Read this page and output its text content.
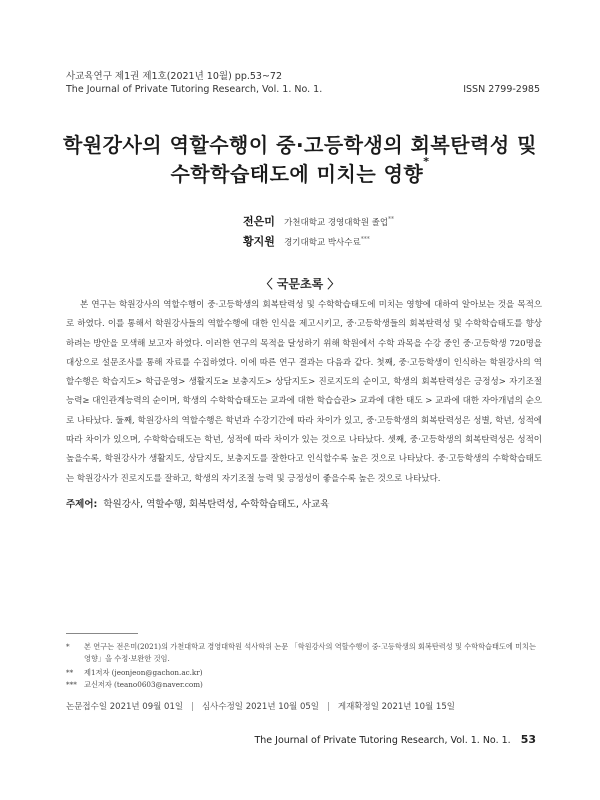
사교육연구 제1권 제1호(2021년 10월) pp.53~72
The Journal of Private Tutoring Research, Vol. 1. No. 1.	ISSN 2799-2985
학원강사의 역할수행이 중·고등학생의 회복탄력성 및
수학학습태도에 미치는 영향*
전은미 가천대학교 경영대학원 졸업**
황지원 경기대학교 박사수료***
〈 국문초록 〉

본 연구는 학원강사의 역할수행이 중·고등학생의 회복탄력성 및 수학학습태도에 미치는 영향에 대하여 알아보는 것을 목적으로 하였다. 이를 통해서 학원강사들의 역할수행에 대한 인식을 제고시키고, 중·고등학생들의 회복탄력성 및 수학학습태도를 향상하려는 방안을 모색해 보고자 하였다. 이러한 연구의 목적을 달성하기 위해 학원에서 수학 과목을 수강 중인 중·고등학생 720명을 대상으로 설문조사를 통해 자료를 수집하였다. 이에 따른 연구 결과는 다음과 같다. 첫째, 중·고등학생이 인식하는 학원강사의 역할수행은 학습지도> 학급운영> 생활지도≥ 보충지도> 상담지도> 진로지도의 순이고, 학생의 회복탄력성은 긍정성> 자기조절능력≥ 대인관계능력의 순이며, 학생의 수학학습태도는 교과에 대한 학습습관> 교과에 대한 태도 > 교과에 대한 자아개념의 순으로 나타났다. 둘째, 학원강사의 역할수행은 학년과 수강기간에 따라 차이가 있고, 중·고등학생의 회복탄력성은 성별, 학년, 성적에 따라 차이가 있으며, 수학학습태도는 학년, 성적에 따라 차이가 있는 것으로 나타났다. 셋째, 중·고등학생의 회복탄력성은 성적이 높을수록, 학원강사가 생활지도, 상담지도, 보충지도를 잘한다고 인식할수록 높은 것으로 나타났다. 중·고등학생의 수학학습태도는 학원강사가 진로지도를 잘하고, 학생의 자기조절 능력 및 긍정성이 좋을수록 높은 것으로 나타났다.

주제어: 학원강사, 역할수행, 회복탄력성, 수학학습태도, 사교육
*	본 연구는 전은미(2021)의 가천대학교 경영대학원 석사학위 논문 「학원강사의 역할수행이 중·고등학생의 회복탄력성 및 수학학습태도에 미치는 영향」을 수정·보완한 것임.
** 제1저자 (jeonjeon@gachon.ac.kr)
*** 교신저자 (teano0603@naver.com)
논문접수일 2021년 09월 01일 | 심사수정일 2021년 10월 05일 | 게재확정일 2021년 10월 15일
The Journal of Private Tutoring Research, Vol. 1. No. 1. 53
